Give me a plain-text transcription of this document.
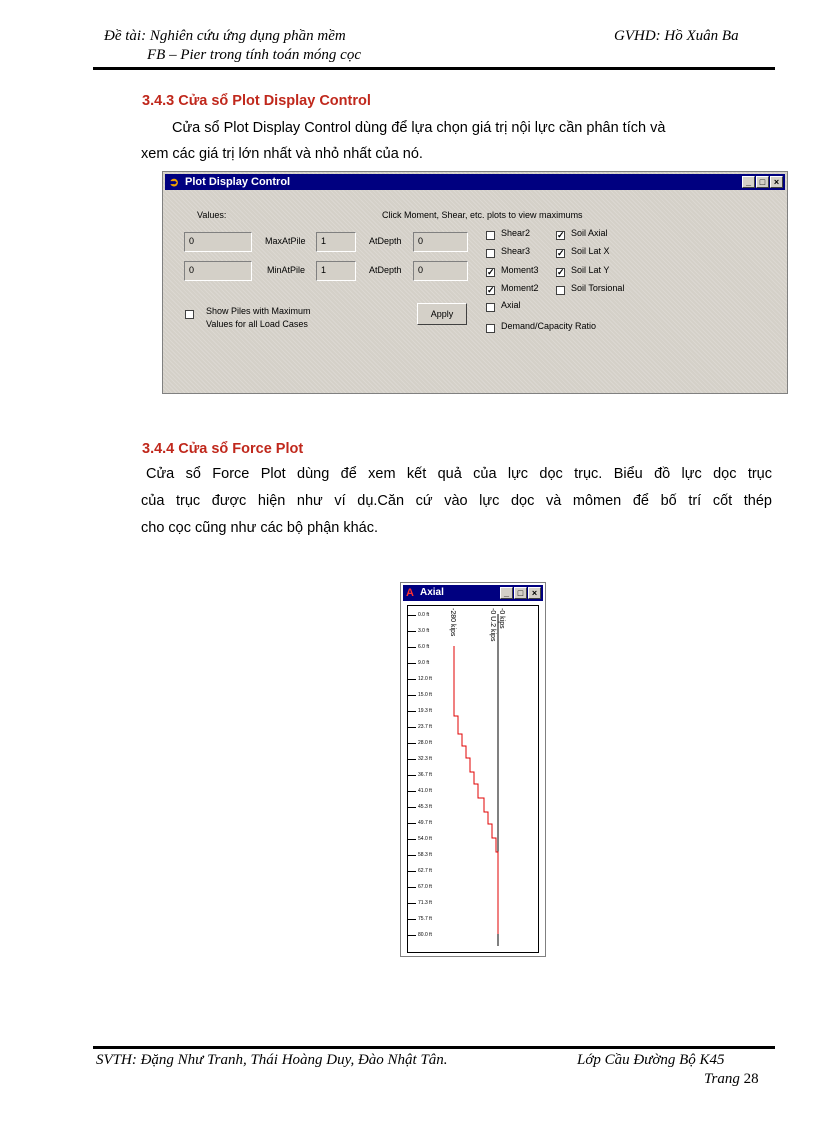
Đề tài: Nghiên cứu ứng dụng phần mềm
FB – Pier trong tính toán móng cọc
GVHD: Hồ Xuân Ba
3.4.3 Cửa sổ Plot Display Control
Cửa sổ Plot Display Control dùng để lựa chọn giá trị nội lực cần phân tích và
xem các giá trị lớn nhất và nhỏ nhất của nó.
➲ Plot Display Control	_ □ ×
Values:	Click Moment, Shear, etc. plots to view maximums
0	MaxAtPile	1	AtDepth	0
0	MinAtPile	1	AtDepth	0
Show Piles with Maximum
Values for all Load Cases
Apply
Shear2
Shear3
✓ Moment3
✓ Moment2
Axial
Demand/Capacity Ratio
✓ Soil Axial
✓ Soil Lat X
✓ Soil Lat Y
Soil Torsional
3.4.4 Cửa sổ Force Plot
Cửa sổ Force Plot dùng để xem kết quả của lực dọc trục. Biểu đồ lực dọc trục
của trục được hiện như ví dụ.Căn cứ vào lực dọc và mômen để bố trí cốt thép
cho cọc cũng như các bộ phận khác.
A Axial	_ □ ×
-280 kips	-0 U.2 kips -0 kips
0.0 ft
3.0 ft
6.0 ft
9.0 ft
12.0 ft
15.0 ft
19.3 ft
23.7 ft
28.0 ft
32.3 ft
36.7 ft
41.0 ft
45.3 ft
49.7 ft
54.0 ft
58.3 ft
62.7 ft
67.0 ft
71.3 ft
75.7 ft
80.0 ft
SVTH: Đặng Như Tranh, Thái Hoàng Duy, Đào Nhật Tân.	Lớp Cầu Đường Bộ K45
Trang 28
